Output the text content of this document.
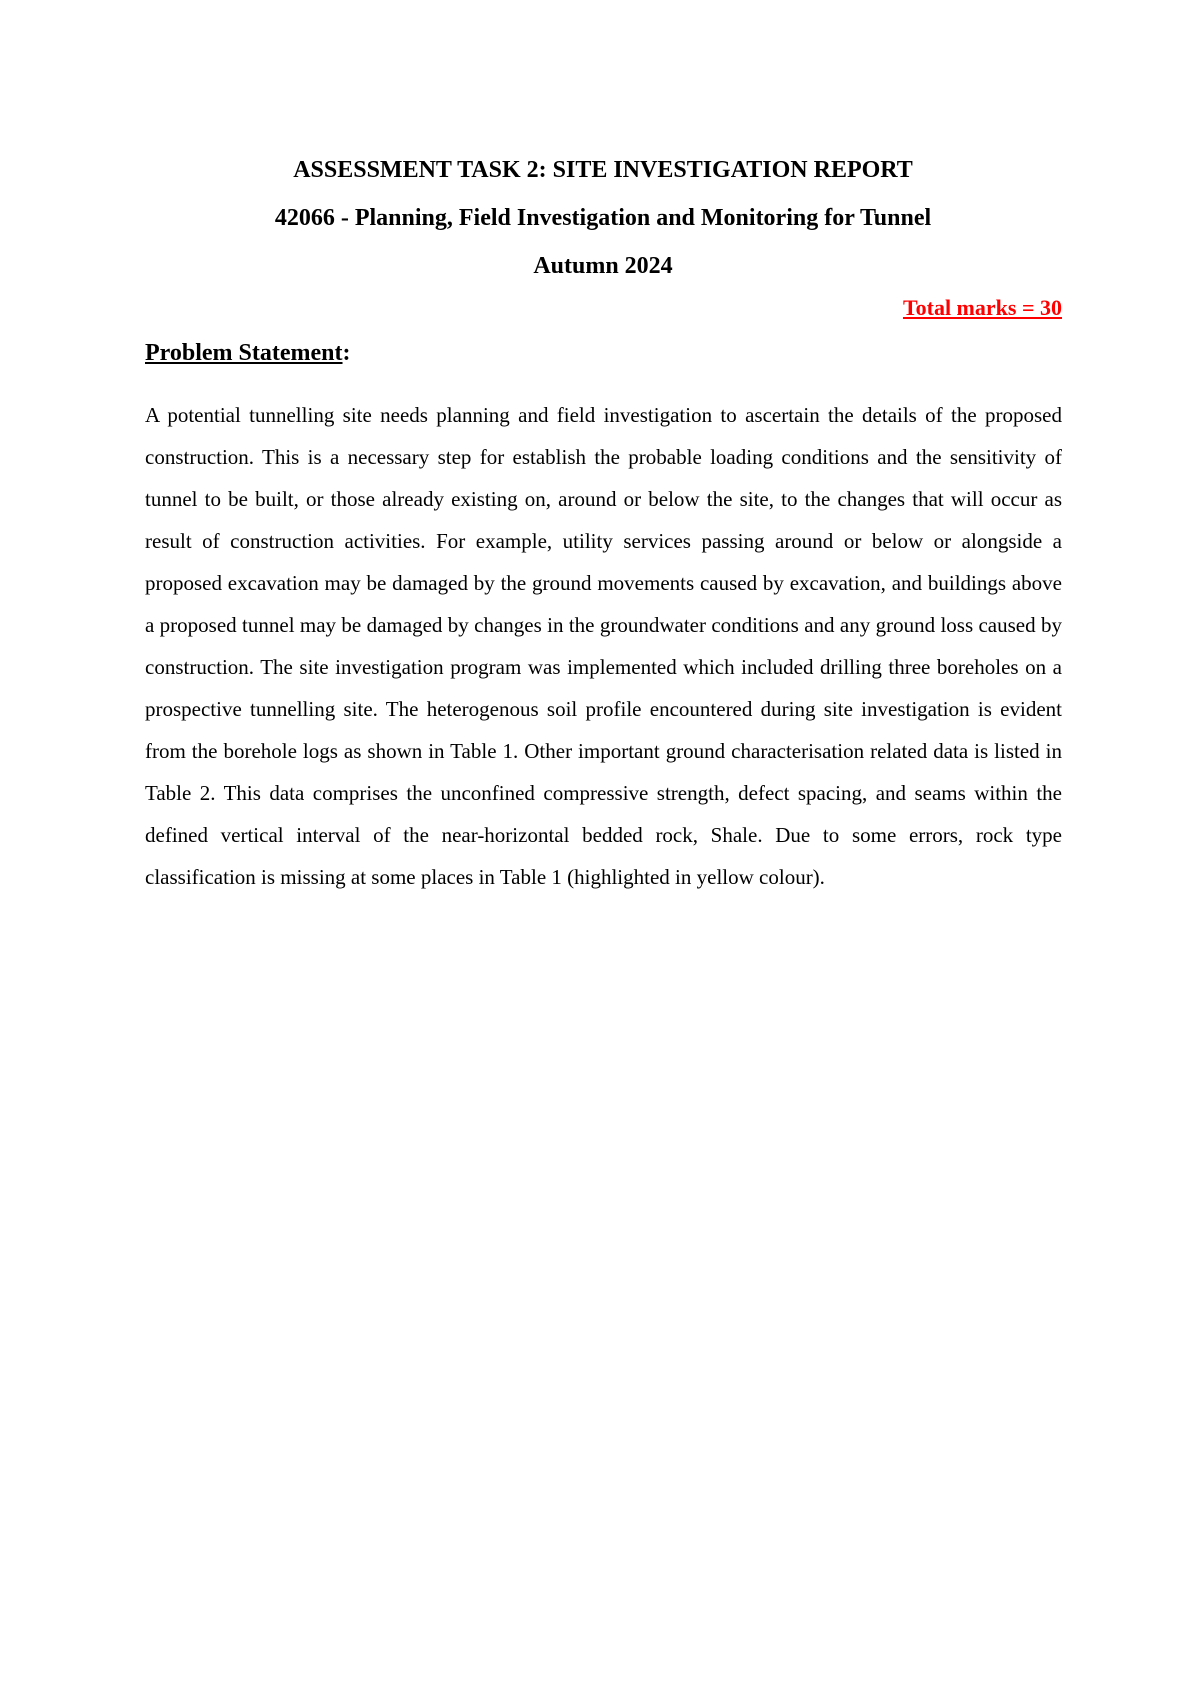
ASSESSMENT TASK 2: SITE INVESTIGATION REPORT
42066 - Planning, Field Investigation and Monitoring for Tunnel
Autumn 2024
Total marks = 30
Problem Statement:

A potential tunnelling site needs planning and field investigation to ascertain the details of the proposed construction. This is a necessary step for establish the probable loading conditions and the sensitivity of tunnel to be built, or those already existing on, around or below the site, to the changes that will occur as result of construction activities. For example, utility services passing around or below or alongside a proposed excavation may be damaged by the ground movements caused by excavation, and buildings above a proposed tunnel may be damaged by changes in the groundwater conditions and any ground loss caused by construction. The site investigation program was implemented which included drilling three boreholes on a prospective tunnelling site. The heterogenous soil profile encountered during site investigation is evident from the borehole logs as shown in Table 1. Other important ground characterisation related data is listed in Table 2. This data comprises the unconfined compressive strength, defect spacing, and seams within the defined vertical interval of the near-horizontal bedded rock, Shale. Due to some errors, rock type classification is missing at some places in Table 1 (highlighted in yellow colour).
